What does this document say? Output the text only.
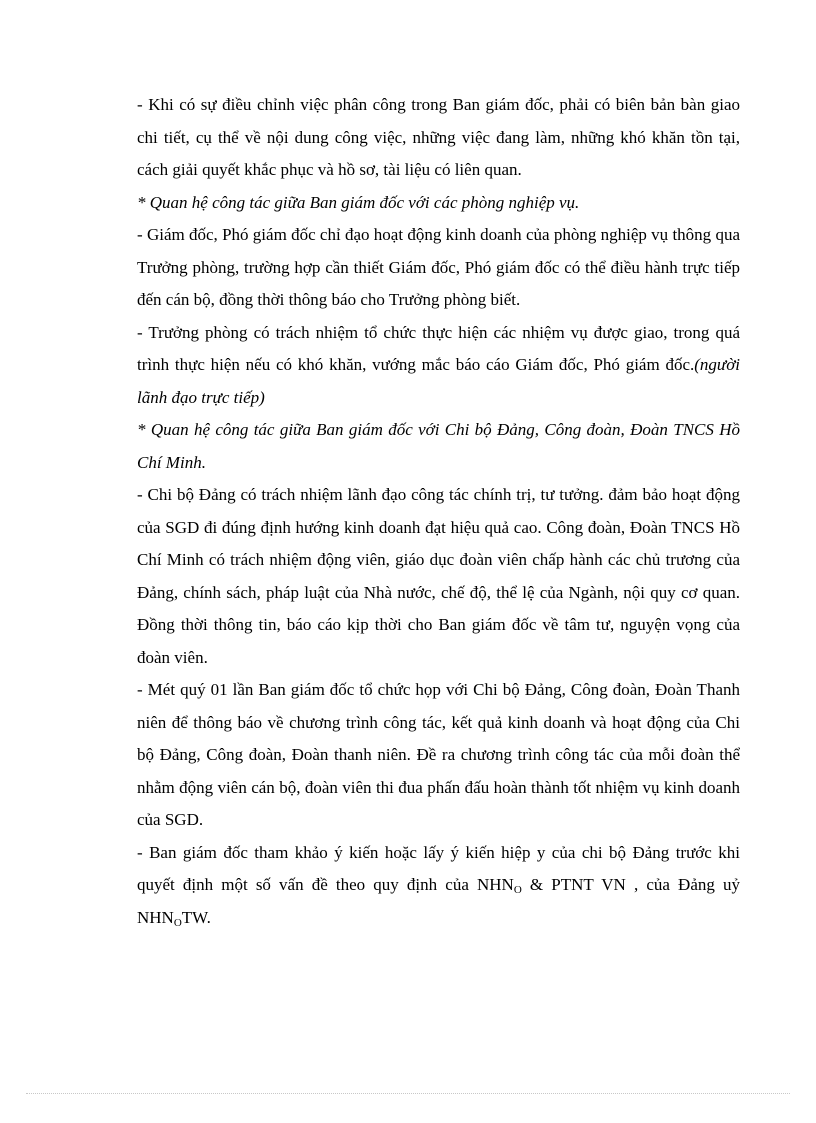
- Khi có sự điều chỉnh việc phân công trong Ban giám đốc, phải có biên bản bàn giao chi tiết, cụ thể về nội dung công việc, những việc đang làm, những khó khăn tồn tại, cách giải quyết khắc phục và hồ sơ, tài liệu có liên quan.

* Quan hệ công tác giữa Ban giám đốc với các phòng nghiệp vụ.

- Giám đốc, Phó giám đốc chỉ đạo hoạt động kinh doanh của phòng nghiệp vụ thông qua Trưởng phòng, trường hợp cần thiết Giám đốc, Phó giám đốc có thể điều hành trực tiếp đến cán bộ, đồng thời thông báo cho Trưởng phòng biết.

- Trưởng phòng có trách nhiệm tổ chức thực hiện các nhiệm vụ được giao, trong quá trình thực hiện nếu có khó khăn, vướng mắc báo cáo Giám đốc, Phó giám đốc.(người lãnh đạo trực tiếp)

* Quan hệ công tác giữa Ban giám đốc với Chi bộ Đảng, Công đoàn, Đoàn TNCS Hồ Chí Minh.

- Chi bộ Đảng có trách nhiệm lãnh đạo công tác chính trị, tư tưởng. đảm bảo hoạt động của SGD đi đúng định hướng kinh doanh đạt hiệu quả cao. Công đoàn, Đoàn TNCS Hồ Chí Minh có trách nhiệm động viên, giáo dục đoàn viên chấp hành các chủ trương của Đảng, chính sách, pháp luật của Nhà nước, chế độ, thể lệ của Ngành, nội quy cơ quan. Đồng thời thông tin, báo cáo kịp thời cho Ban giám đốc về tâm tư, nguyện vọng của đoàn viên.

- Mét quý 01 lần Ban giám đốc tổ chức họp với Chi bộ Đảng, Công đoàn, Đoàn Thanh niên để thông báo về chương trình công tác, kết quả kinh doanh và hoạt động của Chi bộ Đảng, Công đoàn, Đoàn thanh niên. Đề ra chương trình công tác của mỗi đoàn thể nhằm động viên cán bộ, đoàn viên thi đua phấn đấu hoàn thành tốt nhiệm vụ kinh doanh của SGD.

- Ban giám đốc tham khảo ý kiến hoặc lấy ý kiến hiệp y của chi bộ Đảng trước khi quyết định một số vấn đề theo quy định của $NHN_O$ & PTNT VN , của Đảng uỷ $NHN_OTW$.
